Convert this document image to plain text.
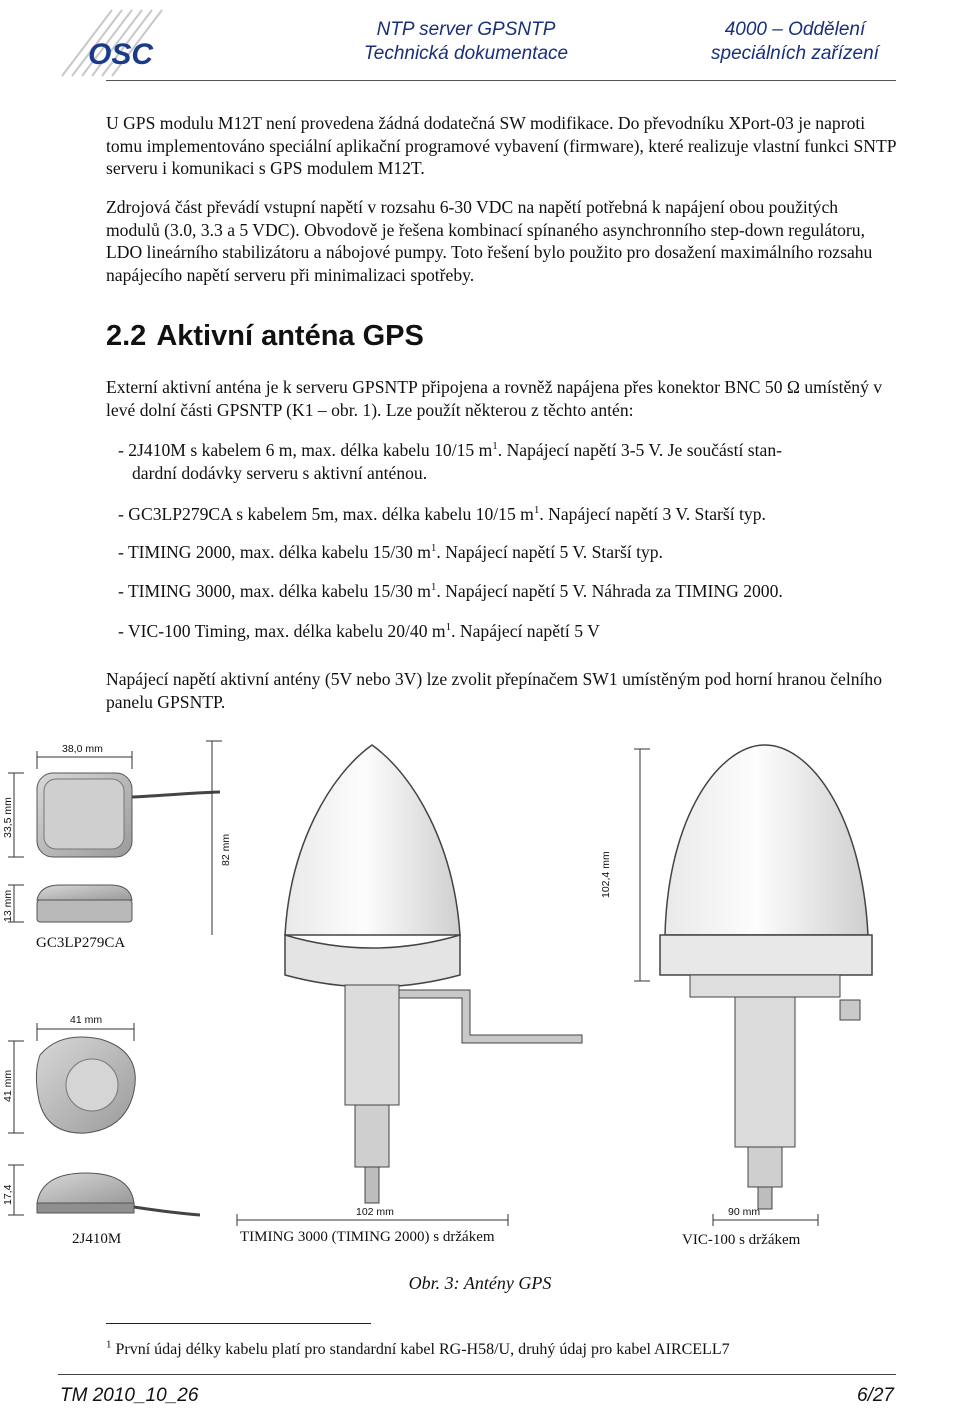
OSC
NTP server GPSNTP
Technická dokumentace
4000 – Oddělení
speciálních zařízení
U GPS modulu M12T není provedena žádná dodatečná SW modifikace. Do převodníku XPort-03 je naproti tomu implementováno speciální aplikační programové vybavení (firmware), které realizuje vlastní funkci SNTP serveru i komunikaci s GPS modulem M12T.
Zdrojová část převádí vstupní napětí v rozsahu 6-30 VDC na napětí potřebná k napájení obou použitých modulů (3.0, 3.3 a 5 VDC). Obvodově je řešena kombinací spínaného asynchronního step-down regulátoru, LDO lineárního stabilizátoru a nábojové pumpy. Toto řešení bylo použito pro dosažení maximálního rozsahu napájecího napětí serveru při minimalizaci spotřeby.
2.2 Aktivní anténa GPS
Externí aktivní anténa je k serveru GPSNTP připojena a rovněž napájena přes konektor BNC 50 Ω umístěný v levé dolní části GPSNTP (K1 – obr. 1). Lze použít některou z těchto antén:
- 2J410M s kabelem 6 m, max. délka kabelu 10/15 $m^1$. Napájecí napětí 3-5 V. Je součástí stan-
dardní dodávky serveru s aktivní anténou.
- GC3LP279CA s kabelem 5m, max. délka kabelu 10/15 $m^1$. Napájecí napětí 3 V. Starší typ.
- TIMING 2000, max. délka kabelu 15/30 $m^1$. Napájecí napětí 5 V. Starší typ.
- TIMING 3000, max. délka kabelu 15/30 $m^1$. Napájecí napětí 5 V. Náhrada za TIMING 2000.
- VIC-100 Timing, max. délka kabelu 20/40 $m^1$. Napájecí napětí 5 V
Napájecí napětí aktivní antény (5V nebo 3V) lze zvolit přepínačem SW1 umístěným pod horní hranou čelního panelu GPSNTP.
38,0 mm
33,5 mm
13 mm
82 mm
102,4 mm
41 mm
41 mm
17,4
102 mm	90 mm
GC3LP279CA
2J410M	TIMING 3000 (TIMING 2000) s držákem	VIC-100 s držákem
Obr. 3: Antény GPS
$^1$ První údaj délky kabelu platí pro standardní kabel RG-H58/U, druhý údaj pro kabel AIRCELL7
TM 2010_10_26	6/27
